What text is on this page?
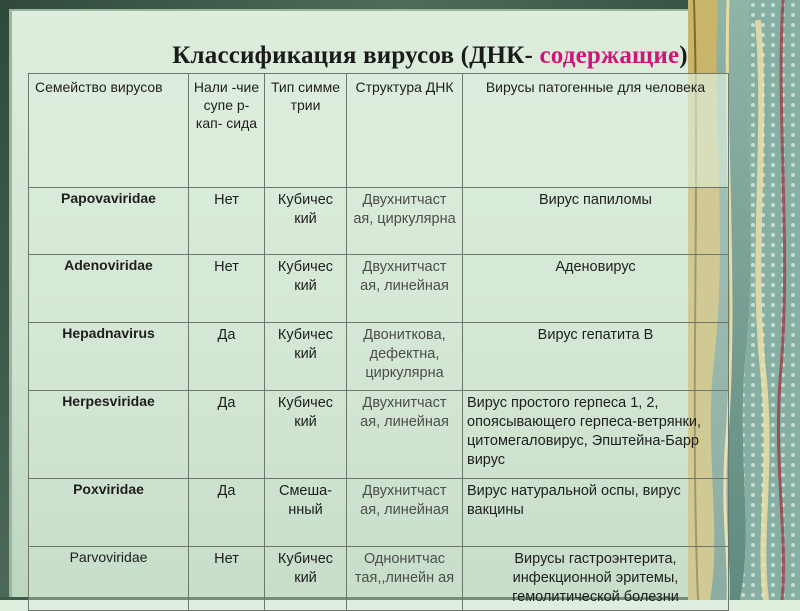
Классификация вирусов (ДНК- содержащие)
Семейство вирусов	Нали -чие супе р- кап- сида	Тип симме трии	Структура ДНК	Вирусы патогенные для человека
Papovaviridae	Нет	Кубичес кий	Двухнитчаст ая, циркулярна	Вирус папиломы
Adenoviridae	Нет	Кубичес кий	Двухнитчаст ая, линейная	Аденовирус
Hepadnavirus	Да	Кубичес кий	Двониткова, дефектна, циркулярна	Вирус гепатита В
Herpesviridae	Да	Кубичес кий	Двухнитчаст ая, линейная	Вирус простого герпеса 1, 2, опоясывающего герпеса-ветрянки, цитомегаловирус, Эпштейна-Барр вирус
Poxviridae	Да	Смеша- нный	Двухнитчаст ая, линейная	Вирус натуральной оспы, вирус вакцины
Parvoviridae	Нет	Кубичес кий	Однонитчас тая,,линейн ая	Вирусы гастроэнтерита, инфекционной эритемы, гемолитической болезни
